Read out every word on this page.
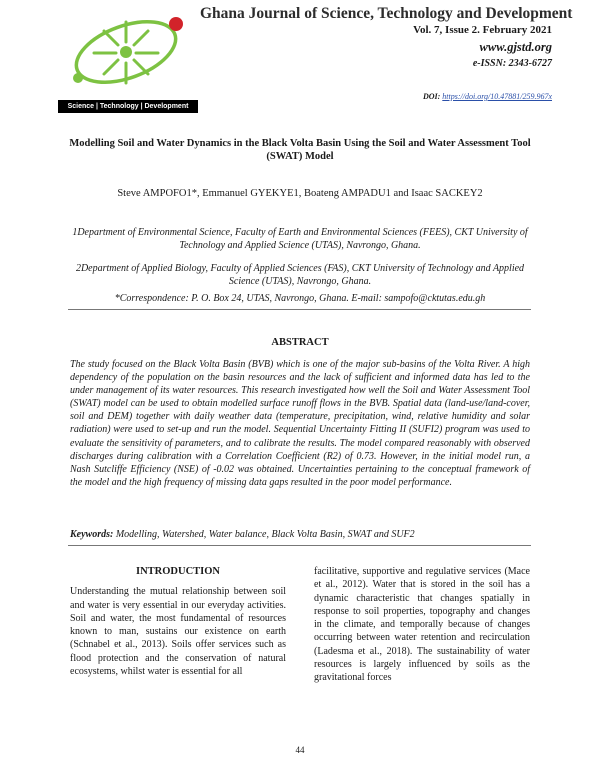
Science | Technology | Development
Ghana Journal of Science, Technology and Development
Vol. 7, Issue 2. February 2021
www.gjstd.org
e-ISSN: 2343-6727
DOI: https://doi.org/10.47881/259.967x
Modelling Soil and Water Dynamics in the Black Volta Basin Using the Soil and Water Assessment Tool (SWAT) Model
Steve AMPOFO1*, Emmanuel GYEKYE1, Boateng AMPADU1 and Isaac SACKEY2
1Department of Environmental Science, Faculty of Earth and Environmental Sciences (FEES), CKT University of Technology and Applied Science (UTAS), Navrongo, Ghana.
2Department of Applied Biology, Faculty of Applied Sciences (FAS), CKT University of Technology and Applied Science (UTAS), Navrongo, Ghana.
*Correspondence: P. O. Box 24, UTAS, Navrongo, Ghana. E-mail: sampofo@cktutas.edu.gh
ABSTRACT
The study focused on the Black Volta Basin (BVB) which is one of the major sub-basins of the Volta River. A high dependency of the population on the basin resources and the lack of sufficient and informed data has led to the under management of its water resources. This research investigated how well the Soil and Water Assessment Tool (SWAT) model can be used to obtain modelled surface runoff flows in the BVB. Spatial data (land-use/land-cover, soil and DEM) together with daily weather data (temperature, precipitation, wind, relative humidity and solar radiation) were used to set-up and run the model. Sequential Uncertainty Fitting II (SUFI2) program was used to evaluate the sensitivity of parameters, and to calibrate the results. The model compared reasonably with observed discharges during calibration with a Correlation Coefficient (R2) of 0.73. However, in the initial model run, a Nash Sutcliffe Efficiency (NSE) of -0.02 was obtained. Uncertainties pertaining to the conceptual framework of the model and the high frequency of missing data gaps resulted in the poor model performance.
Keywords: Modelling, Watershed, Water balance, Black Volta Basin, SWAT and SUF2
INTRODUCTION
Understanding the mutual relationship between soil and water is very essential in our everyday activities. Soil and water, the most fundamental of resources known to man, sustains our existence on earth (Schnabel et al., 2013). Soils offer services such as flood protection and the conservation of natural ecosystems, whilst water is essential for all
facilitative, supportive and regulative services (Mace et al., 2012). Water that is stored in the soil has a dynamic characteristic that changes spatially in response to soil properties, topography and changes in the climate, and temporally because of changes occurring between water retention and recirculation (Ladesma et al., 2018). The sustainability of water resources is largely influenced by soils as the gravitational forces
44
